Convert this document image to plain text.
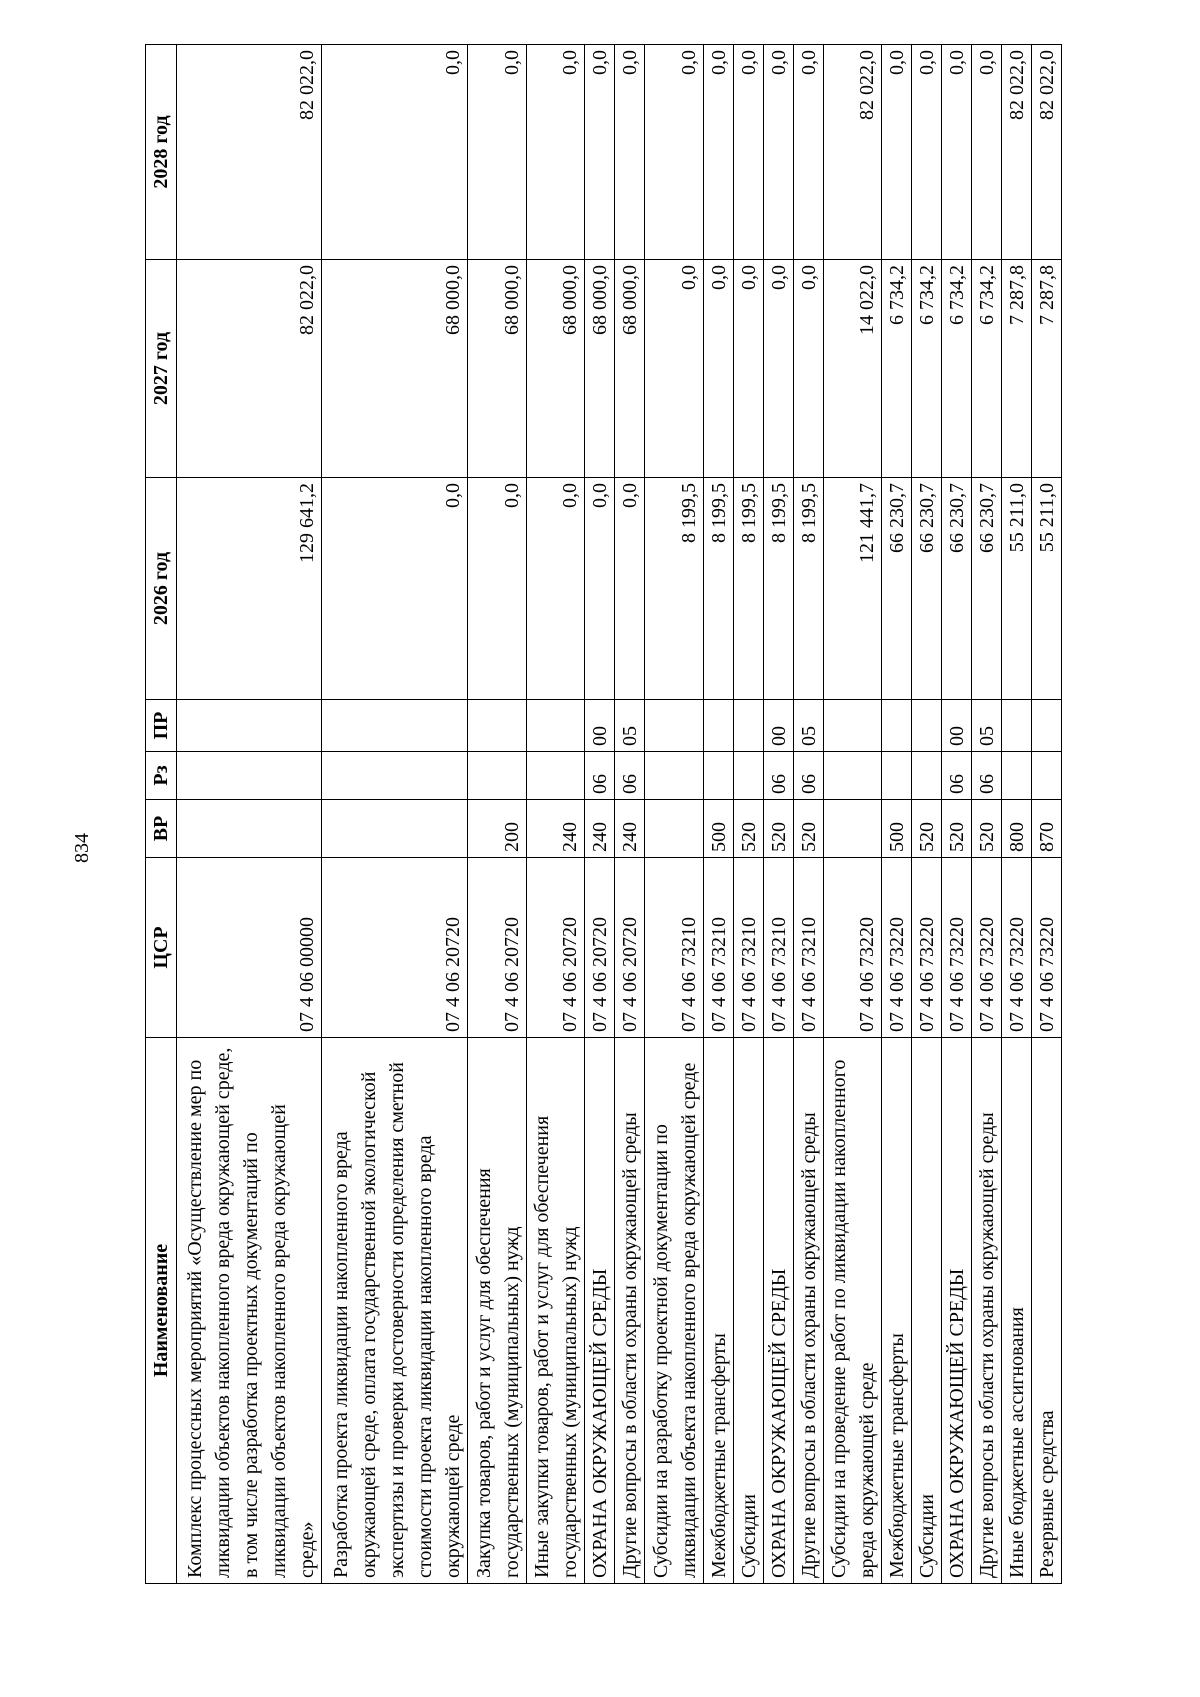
834
Наименование	ЦСР	ВР	Рз	ПР	2026 год	2027 год	2028 год
Комплекс процессных мероприятий «Осуществление мер по ликвидации объектов накопленного вреда окружающей среде, в том числе разработка проектных документаций по ликвидации объектов накопленного вреда окружающей среде»	07 4 06 00000				129 641,2	82 022,0	82 022,0
Разработка проекта ликвидации накопленного вреда окружающей среде, оплата государственной экологической экспертизы и проверки достоверности определения сметной стоимости проекта ликвидации накопленного вреда окружающей среде	07 4 06 20720				0,0	68 000,0	0,0
Закупка товаров, работ и услуг для обеспечения государственных (муниципальных) нужд	07 4 06 20720	200			0,0	68 000,0	0,0
Иные закупки товаров, работ и услуг для обеспечения государственных (муниципальных) нужд	07 4 06 20720	240			0,0	68 000,0	0,0
ОХРАНА ОКРУЖАЮЩЕЙ СРЕДЫ	07 4 06 20720	240	06	00	0,0	68 000,0	0,0
Другие вопросы в области охраны окружающей среды	07 4 06 20720	240	06	05	0,0	68 000,0	0,0
Субсидии на разработку проектной документации по ликвидации объекта накопленного вреда окружающей среде	07 4 06 73210				8 199,5	0,0	0,0
Межбюджетные трансферты	07 4 06 73210	500			8 199,5	0,0	0,0
Субсидии	07 4 06 73210	520			8 199,5	0,0	0,0
ОХРАНА ОКРУЖАЮЩЕЙ СРЕДЫ	07 4 06 73210	520	06	00	8 199,5	0,0	0,0
Другие вопросы в области охраны окружающей среды	07 4 06 73210	520	06	05	8 199,5	0,0	0,0
Субсидии на проведение работ по ликвидации накопленного вреда окружающей среде	07 4 06 73220				121 441,7	14 022,0	82 022,0
Межбюджетные трансферты	07 4 06 73220	500			66 230,7	6 734,2	0,0
Субсидии	07 4 06 73220	520			66 230,7	6 734,2	0,0
ОХРАНА ОКРУЖАЮЩЕЙ СРЕДЫ	07 4 06 73220	520	06	00	66 230,7	6 734,2	0,0
Другие вопросы в области охраны окружающей среды	07 4 06 73220	520	06	05	66 230,7	6 734,2	0,0
Иные бюджетные ассигнования	07 4 06 73220	800			55 211,0	7 287,8	82 022,0
Резервные средства	07 4 06 73220	870			55 211,0	7 287,8	82 022,0
